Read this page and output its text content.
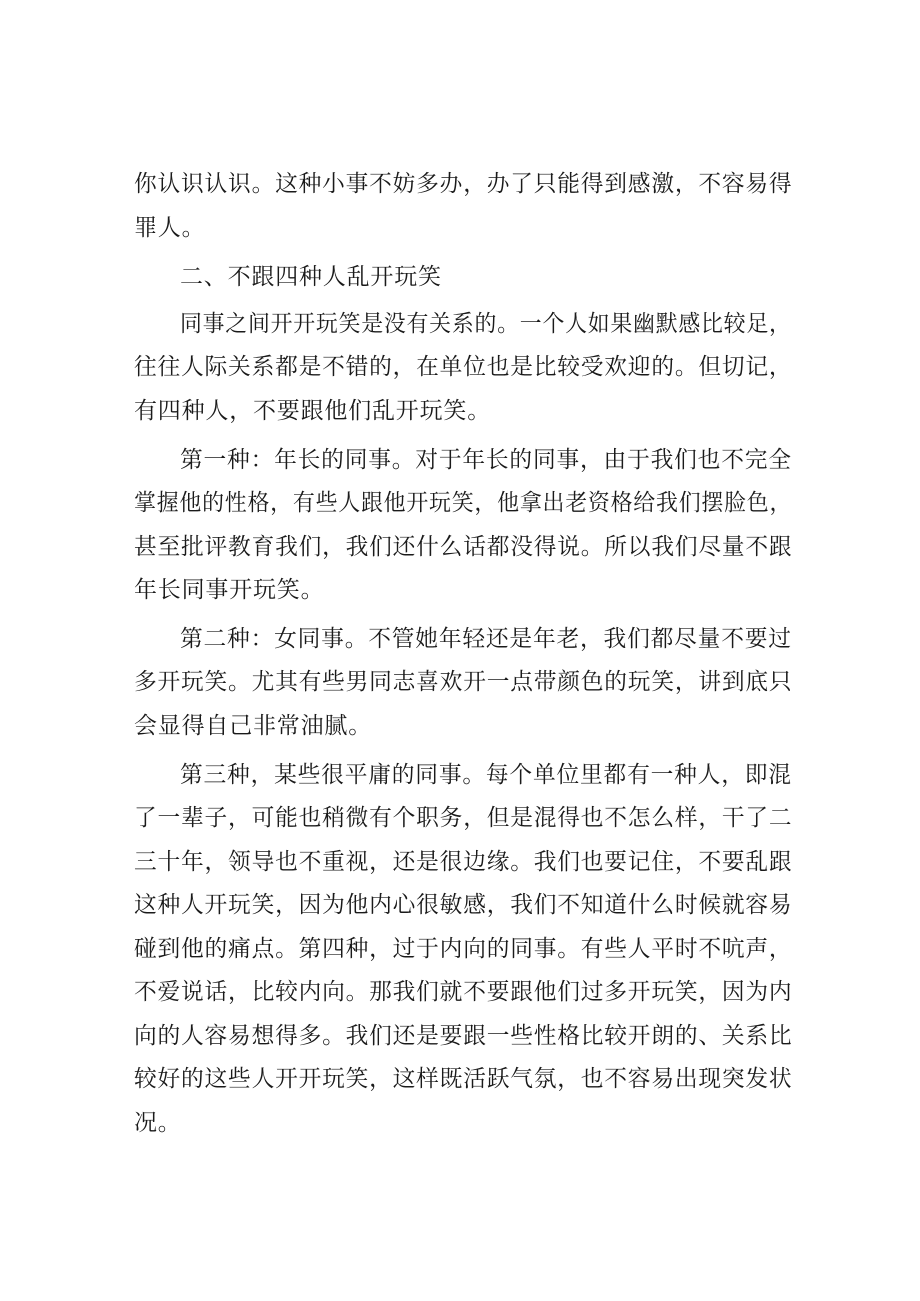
你认识认识。这种小事不妨多办，办了只能得到感激，不容易得
罪人。
二、不跟四种人乱开玩笑
同事之间开开玩笑是没有关系的。一个人如果幽默感比较足，
往往人际关系都是不错的，在单位也是比较受欢迎的。但切记，
有四种人，不要跟他们乱开玩笑。
第一种：年长的同事。对于年长的同事，由于我们也不完全
掌握他的性格，有些人跟他开玩笑，他拿出老资格给我们摆脸色，
甚至批评教育我们，我们还什么话都没得说。所以我们尽量不跟
年长同事开玩笑。
第二种：女同事。不管她年轻还是年老，我们都尽量不要过
多开玩笑。尤其有些男同志喜欢开一点带颜色的玩笑，讲到底只
会显得自己非常油腻。
第三种，某些很平庸的同事。每个单位里都有一种人，即混
了一辈子，可能也稍微有个职务，但是混得也不怎么样，干了二
三十年，领导也不重视，还是很边缘。我们也要记住，不要乱跟
这种人开玩笑，因为他内心很敏感，我们不知道什么时候就容易
碰到他的痛点。第四种，过于内向的同事。有些人平时不吭声，
不爱说话，比较内向。那我们就不要跟他们过多开玩笑，因为内
向的人容易想得多。我们还是要跟一些性格比较开朗的、关系比
较好的这些人开开玩笑，这样既活跃气氛，也不容易出现突发状
况。
